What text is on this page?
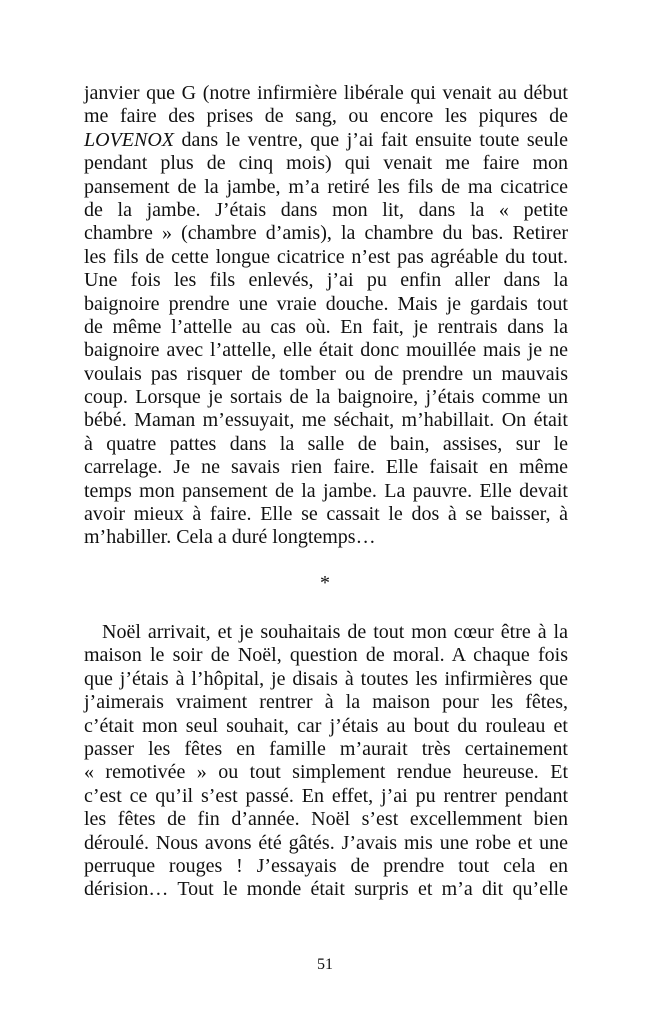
janvier que G (notre infirmière libérale qui venait au début
me faire des prises de sang, ou encore les piqures de
LOVENOX dans le ventre, que j’ai fait ensuite toute seule
pendant plus de cinq mois) qui venait me faire mon
pansement de la jambe, m’a retiré les fils de ma cicatrice
de la jambe. J’étais dans mon lit, dans la « petite
chambre » (chambre d’amis), la chambre du bas. Retirer
les fils de cette longue cicatrice n’est pas agréable du tout.
Une fois les fils enlevés, j’ai pu enfin aller dans la
baignoire prendre une vraie douche. Mais je gardais tout
de même l’attelle au cas où. En fait, je rentrais dans la
baignoire avec l’attelle, elle était donc mouillée mais je ne
voulais pas risquer de tomber ou de prendre un mauvais
coup. Lorsque je sortais de la baignoire, j’étais comme un
bébé. Maman m’essuyait, me séchait, m’habillait. On était
à quatre pattes dans la salle de bain, assises, sur le
carrelage. Je ne savais rien faire. Elle faisait en même
temps mon pansement de la jambe. La pauvre. Elle devait
avoir mieux à faire. Elle se cassait le dos à se baisser, à
m’habiller. Cela a duré longtemps…
*
Noël arrivait, et je souhaitais de tout mon cœur être à la
maison le soir de Noël, question de moral. A chaque fois
que j’étais à l’hôpital, je disais à toutes les infirmières que
j’aimerais vraiment rentrer à la maison pour les fêtes,
c’était mon seul souhait, car j’étais au bout du rouleau et
passer les fêtes en famille m’aurait très certainement
« remotivée » ou tout simplement rendue heureuse. Et
c’est ce qu’il s’est passé. En effet, j’ai pu rentrer pendant
les fêtes de fin d’année. Noël s’est excellemment bien
déroulé. Nous avons été gâtés. J’avais mis une robe et une
perruque rouges ! J’essayais de prendre tout cela en
dérision… Tout le monde était surpris et m’a dit qu’elle
51
